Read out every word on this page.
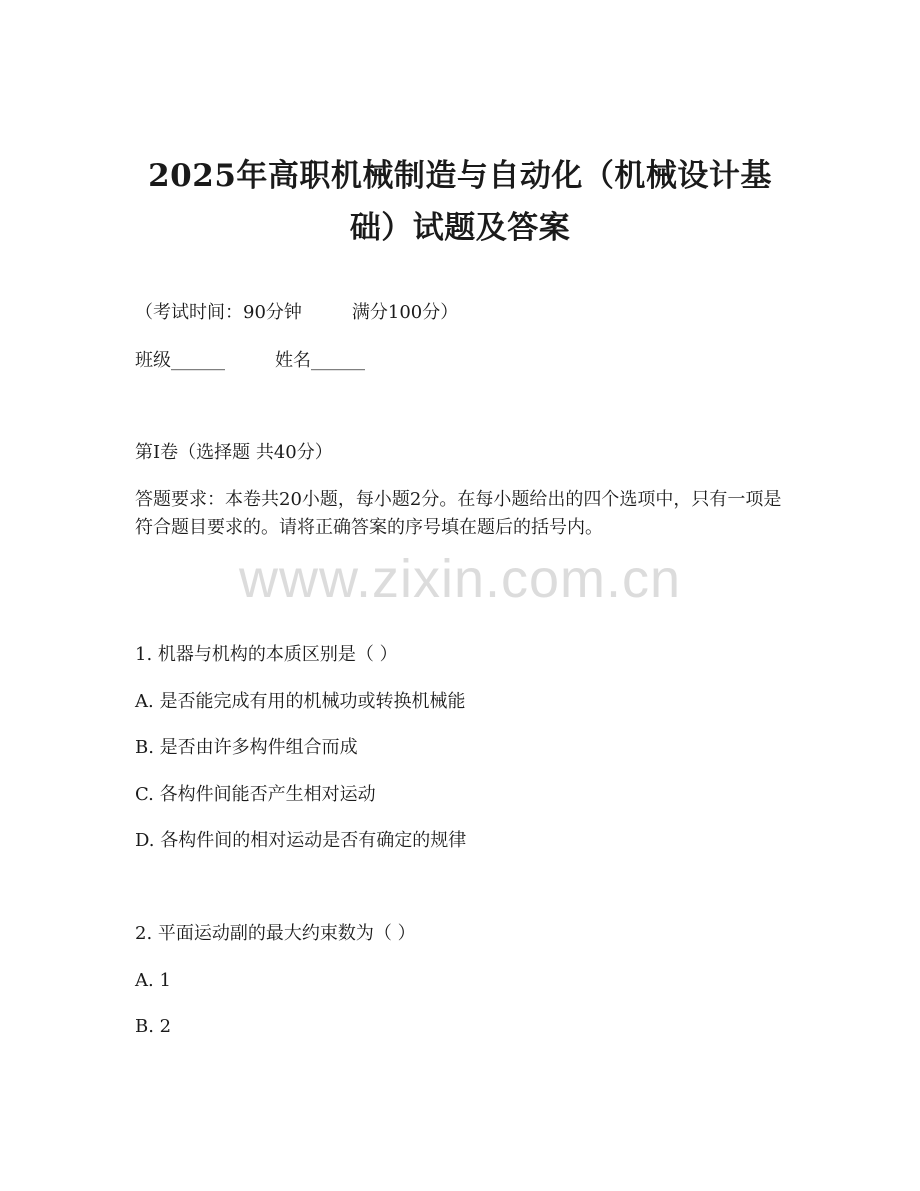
2025年高职机械制造与自动化（机械设计基
础）试题及答案
（考试时间：90分钟	满分100分）
班级______	姓名______
第I卷（选择题 共40分）
答题要求：本卷共20小题，每小题2分。在每小题给出的四个选项中，只有一项是符合题目要求的。请将正确答案的序号填在题后的括号内。
www.zixin.com.cn
1. 机器与机构的本质区别是（ ）
A. 是否能完成有用的机械功或转换机械能
B. 是否由许多构件组合而成
C. 各构件间能否产生相对运动
D. 各构件间的相对运动是否有确定的规律
2. 平面运动副的最大约束数为（ ）
A. 1
B. 2
